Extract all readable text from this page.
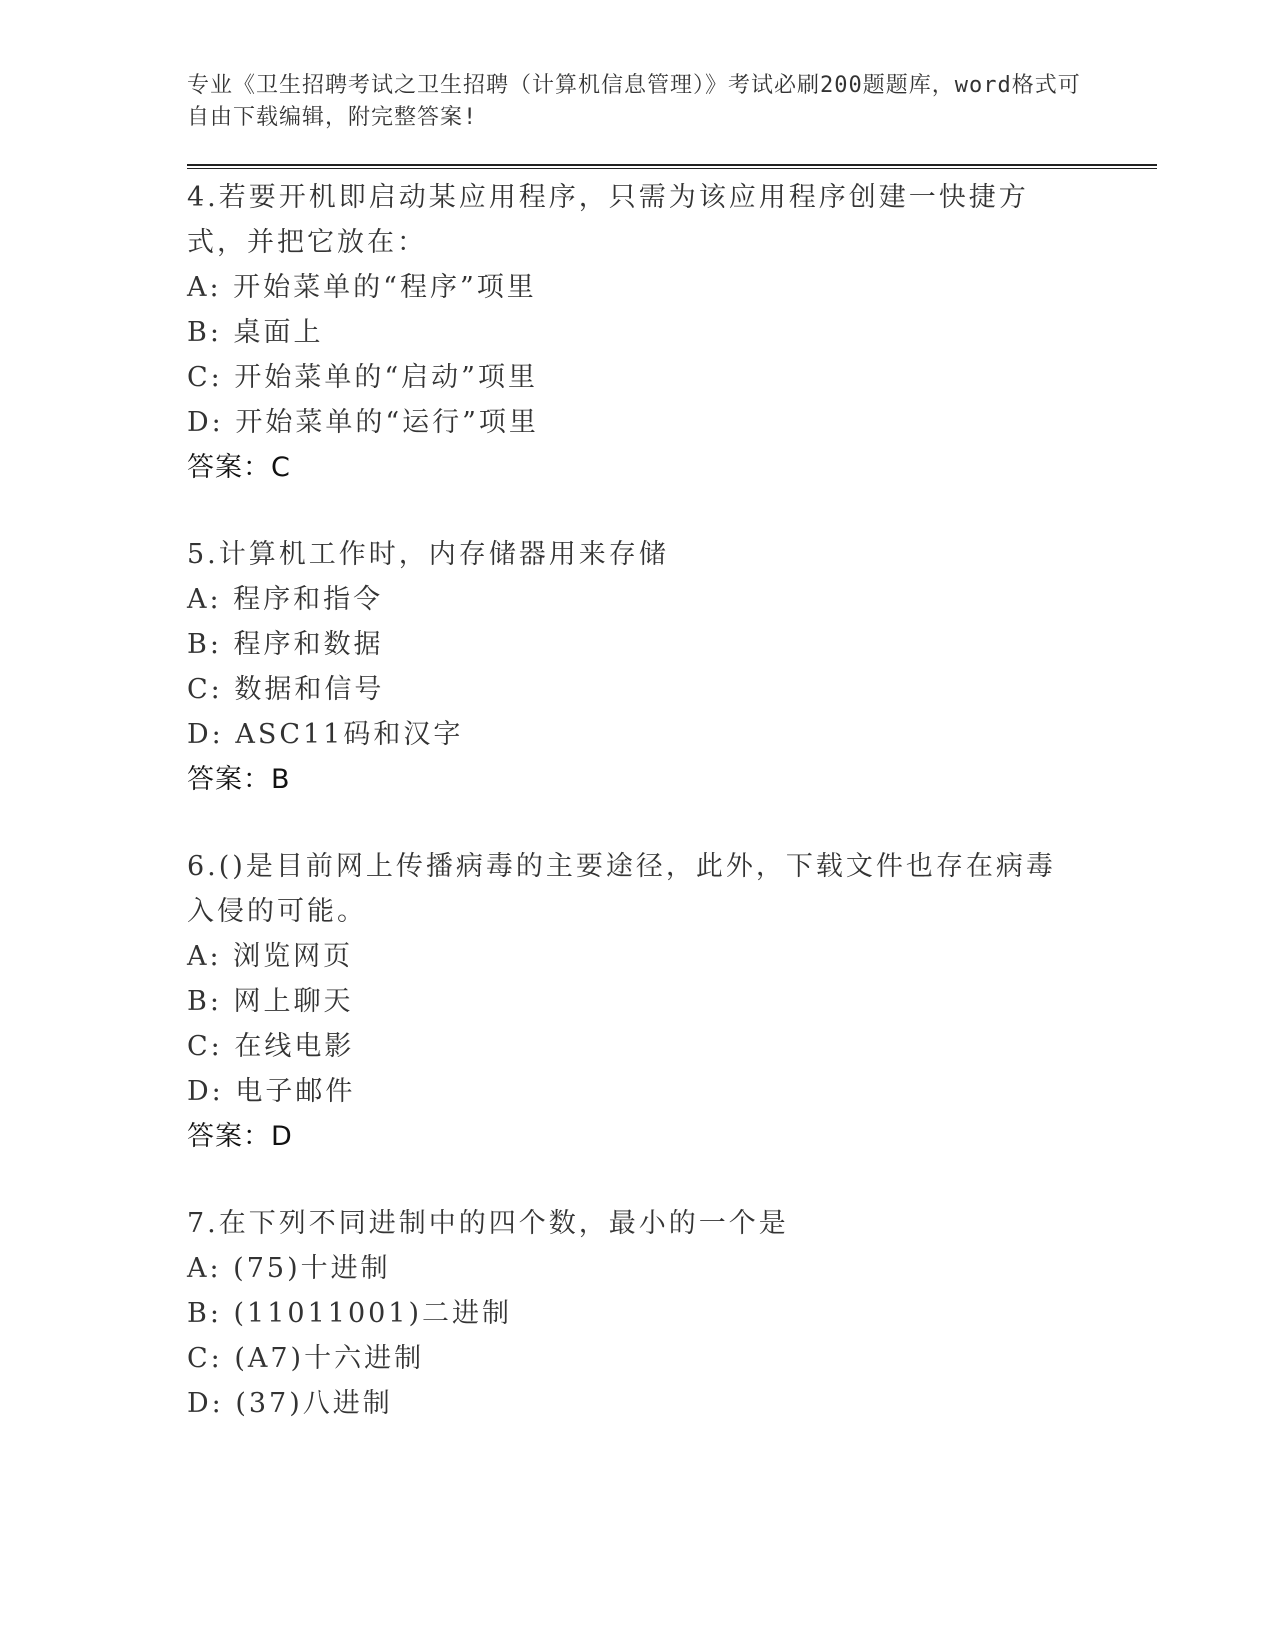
专业《卫生招聘考试之卫生招聘（计算机信息管理）》考试必刷200题题库，word格式可自由下载编辑，附完整答案!

4.若要开机即启动某应用程序，只需为该应用程序创建一快捷方式，并把它放在：

A: 开始菜单的“程序”项里

B: 桌面上

C: 开始菜单的“启动”项里

D: 开始菜单的“运行”项里

答案：C

5.计算机工作时，内存储器用来存储

A: 程序和指令

B: 程序和数据

C: 数据和信号

D: ASC11码和汉字

答案：B

6.()是目前网上传播病毒的主要途径，此外，下载文件也存在病毒入侵的可能。

A: 浏览网页

B: 网上聊天

C: 在线电影

D: 电子邮件

答案：D

7.在下列不同进制中的四个数，最小的一个是

A: (75)十进制

B: (11011001)二进制

C: (A7)十六进制

D: (37)八进制
